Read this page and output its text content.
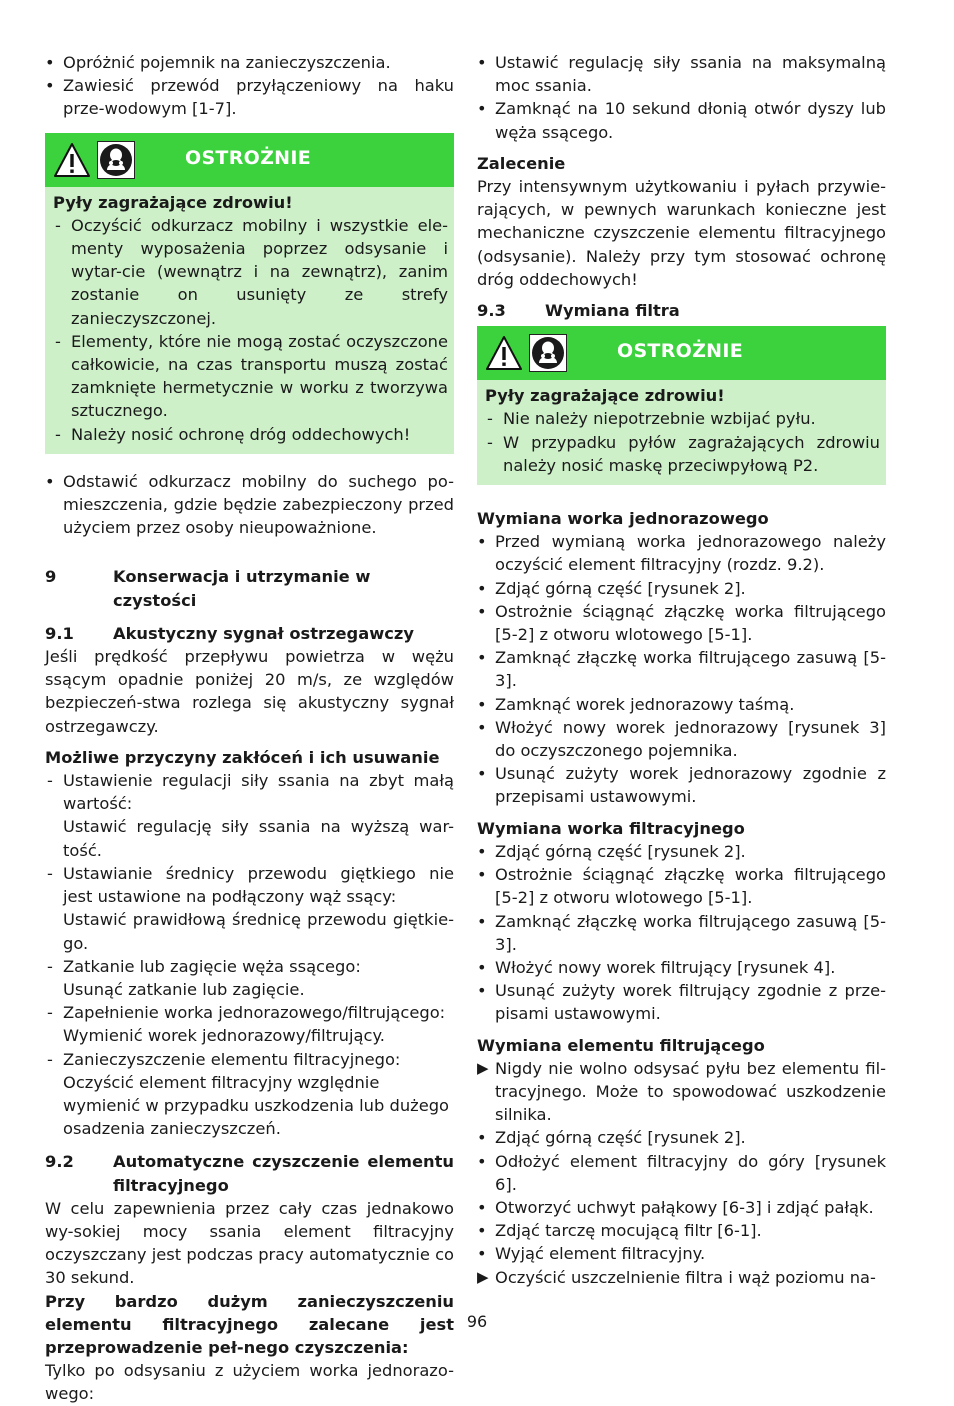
• Opróżnić pojemnik na zanieczyszczenia.
• Zawiesić przewód przyłączeniowy na haku prze-wodowym [1-7].
OSTROŻNIE

Pyły zagrażające zdrowiu!

- Oczyścić odkurzacz mobilny i wszystkie ele-menty wyposażenia poprzez odsysanie i wytar-cie (wewnątrz i na zewnątrz), zanim zostanie on usunięty ze strefy zanieczyszczonej.
- Elementy, które nie mogą zostać oczyszczone całkowicie, na czas transportu muszą zostać zamknięte hermetycznie w worku z tworzywa sztucznego.
- Należy nosić ochronę dróg oddechowych!
• Odstawić odkurzacz mobilny do suchego po-mieszczenia, gdzie będzie zabezpieczony przed użyciem przez osoby nieupoważnione.
9	Konserwacja i utrzymanie w czystości
9.1	Akustyczny sygnał ostrzegawczy

Jeśli prędkość przepływu powietrza w wężu ssącym opadnie poniżej 20 m/s, ze względów bezpieczeń-stwa rozlega się akustyczny sygnał ostrzegawczy.

Możliwe przyczyny zakłóceń i ich usuwanie

- Ustawienie regulacji siły ssania na zbyt małą wartość:
Ustawić regulację siły ssania na wyższą war-tość.
- Ustawianie średnicy przewodu giętkiego nie jest ustawione na podłączony wąż ssący:
Ustawić prawidłową średnicę przewodu giętkie-go.
- Zatkanie lub zagięcie węża ssącego:
Usunąć zatkanie lub zagięcie.
- Zapełnienie worka jednorazowego/filtrującego:
Wymienić worek jednorazowy/filtrujący.
- Zanieczyszczenie elementu filtracyjnego:
Oczyścić element filtracyjny względnie wymienić w przypadku uszkodzenia lub dużego osadzenia zanieczyszczeń.
9.2	Automatyczne czyszczenie elementu filtracyjnego

W celu zapewnienia przez cały czas jednakowo wy-sokiej mocy ssania element filtracyjny oczyszczany jest podczas pracy automatycznie co 30 sekund.

Przy bardzo dużym zanieczyszczeniu elementu filtracyjnego zalecane jest przeprowadzenie peł-nego czyszczenia:

Tylko po odsysaniu z użyciem worka jednorazo-wego:

• Ustawić regulację siły ssania na maksymalną moc ssania.
• Zamknąć na 10 sekund dłonią otwór dyszy lub węża ssącego.

Zalecenie

Przy intensywnym użytkowaniu i pyłach przywie-rających, w pewnych warunkach konieczne jest mechaniczne czyszczenie elementu filtracyjnego (odsysanie). Należy przy tym stosować ochronę dróg oddechowych!

9.3	Wymiana filtra
OSTROŻNIE

Pyły zagrażające zdrowiu!

- Nie należy niepotrzebnie wzbijać pyłu.
- W przypadku pyłów zagrażających zdrowiu należy nosić maskę przeciwpyłową P2.

Wymiana worka jednorazowego

• Przed wymianą worka jednorazowego należy oczyścić element filtracyjny (rozdz. 9.2).
• Zdjąć górną część [rysunek 2].
• Ostrożnie ściągnąć złączkę worka filtrującego [5-2] z otworu wlotowego [5-1].
• Zamknąć złączkę worka filtrującego zasuwą [5-3].
• Zamknąć worek jednorazowy taśmą.
• Włożyć nowy worek jednorazowy [rysunek 3] do oczyszczonego pojemnika.
• Usunąć zużyty worek jednorazowy zgodnie z przepisami ustawowymi.

Wymiana worka filtracyjnego

• Zdjąć górną część [rysunek 2].
• Ostrożnie ściągnąć złączkę worka filtrującego [5-2] z otworu wlotowego [5-1].
• Zamknąć złączkę worka filtrującego zasuwą [5-3].
• Włożyć nowy worek filtrujący [rysunek 4].
• Usunąć zużyty worek filtrujący zgodnie z prze-pisami ustawowymi.

Wymiana elementu filtrującego

▶ Nigdy nie wolno odsysać pyłu bez elementu fil-tracyjnego. Może to spowodować uszkodzenie silnika.
• Zdjąć górną część [rysunek 2].
• Odłożyć element filtracyjny do góry [rysunek 6].
• Otworzyć uchwyt pałąkowy [6-3] i zdjąć pałąk.
• Zdjąć tarczę mocującą filtr [6-1].
• Wyjąć element filtracyjny.
▶ Oczyścić uszczelnienie filtra i wąż poziomu na-
96
